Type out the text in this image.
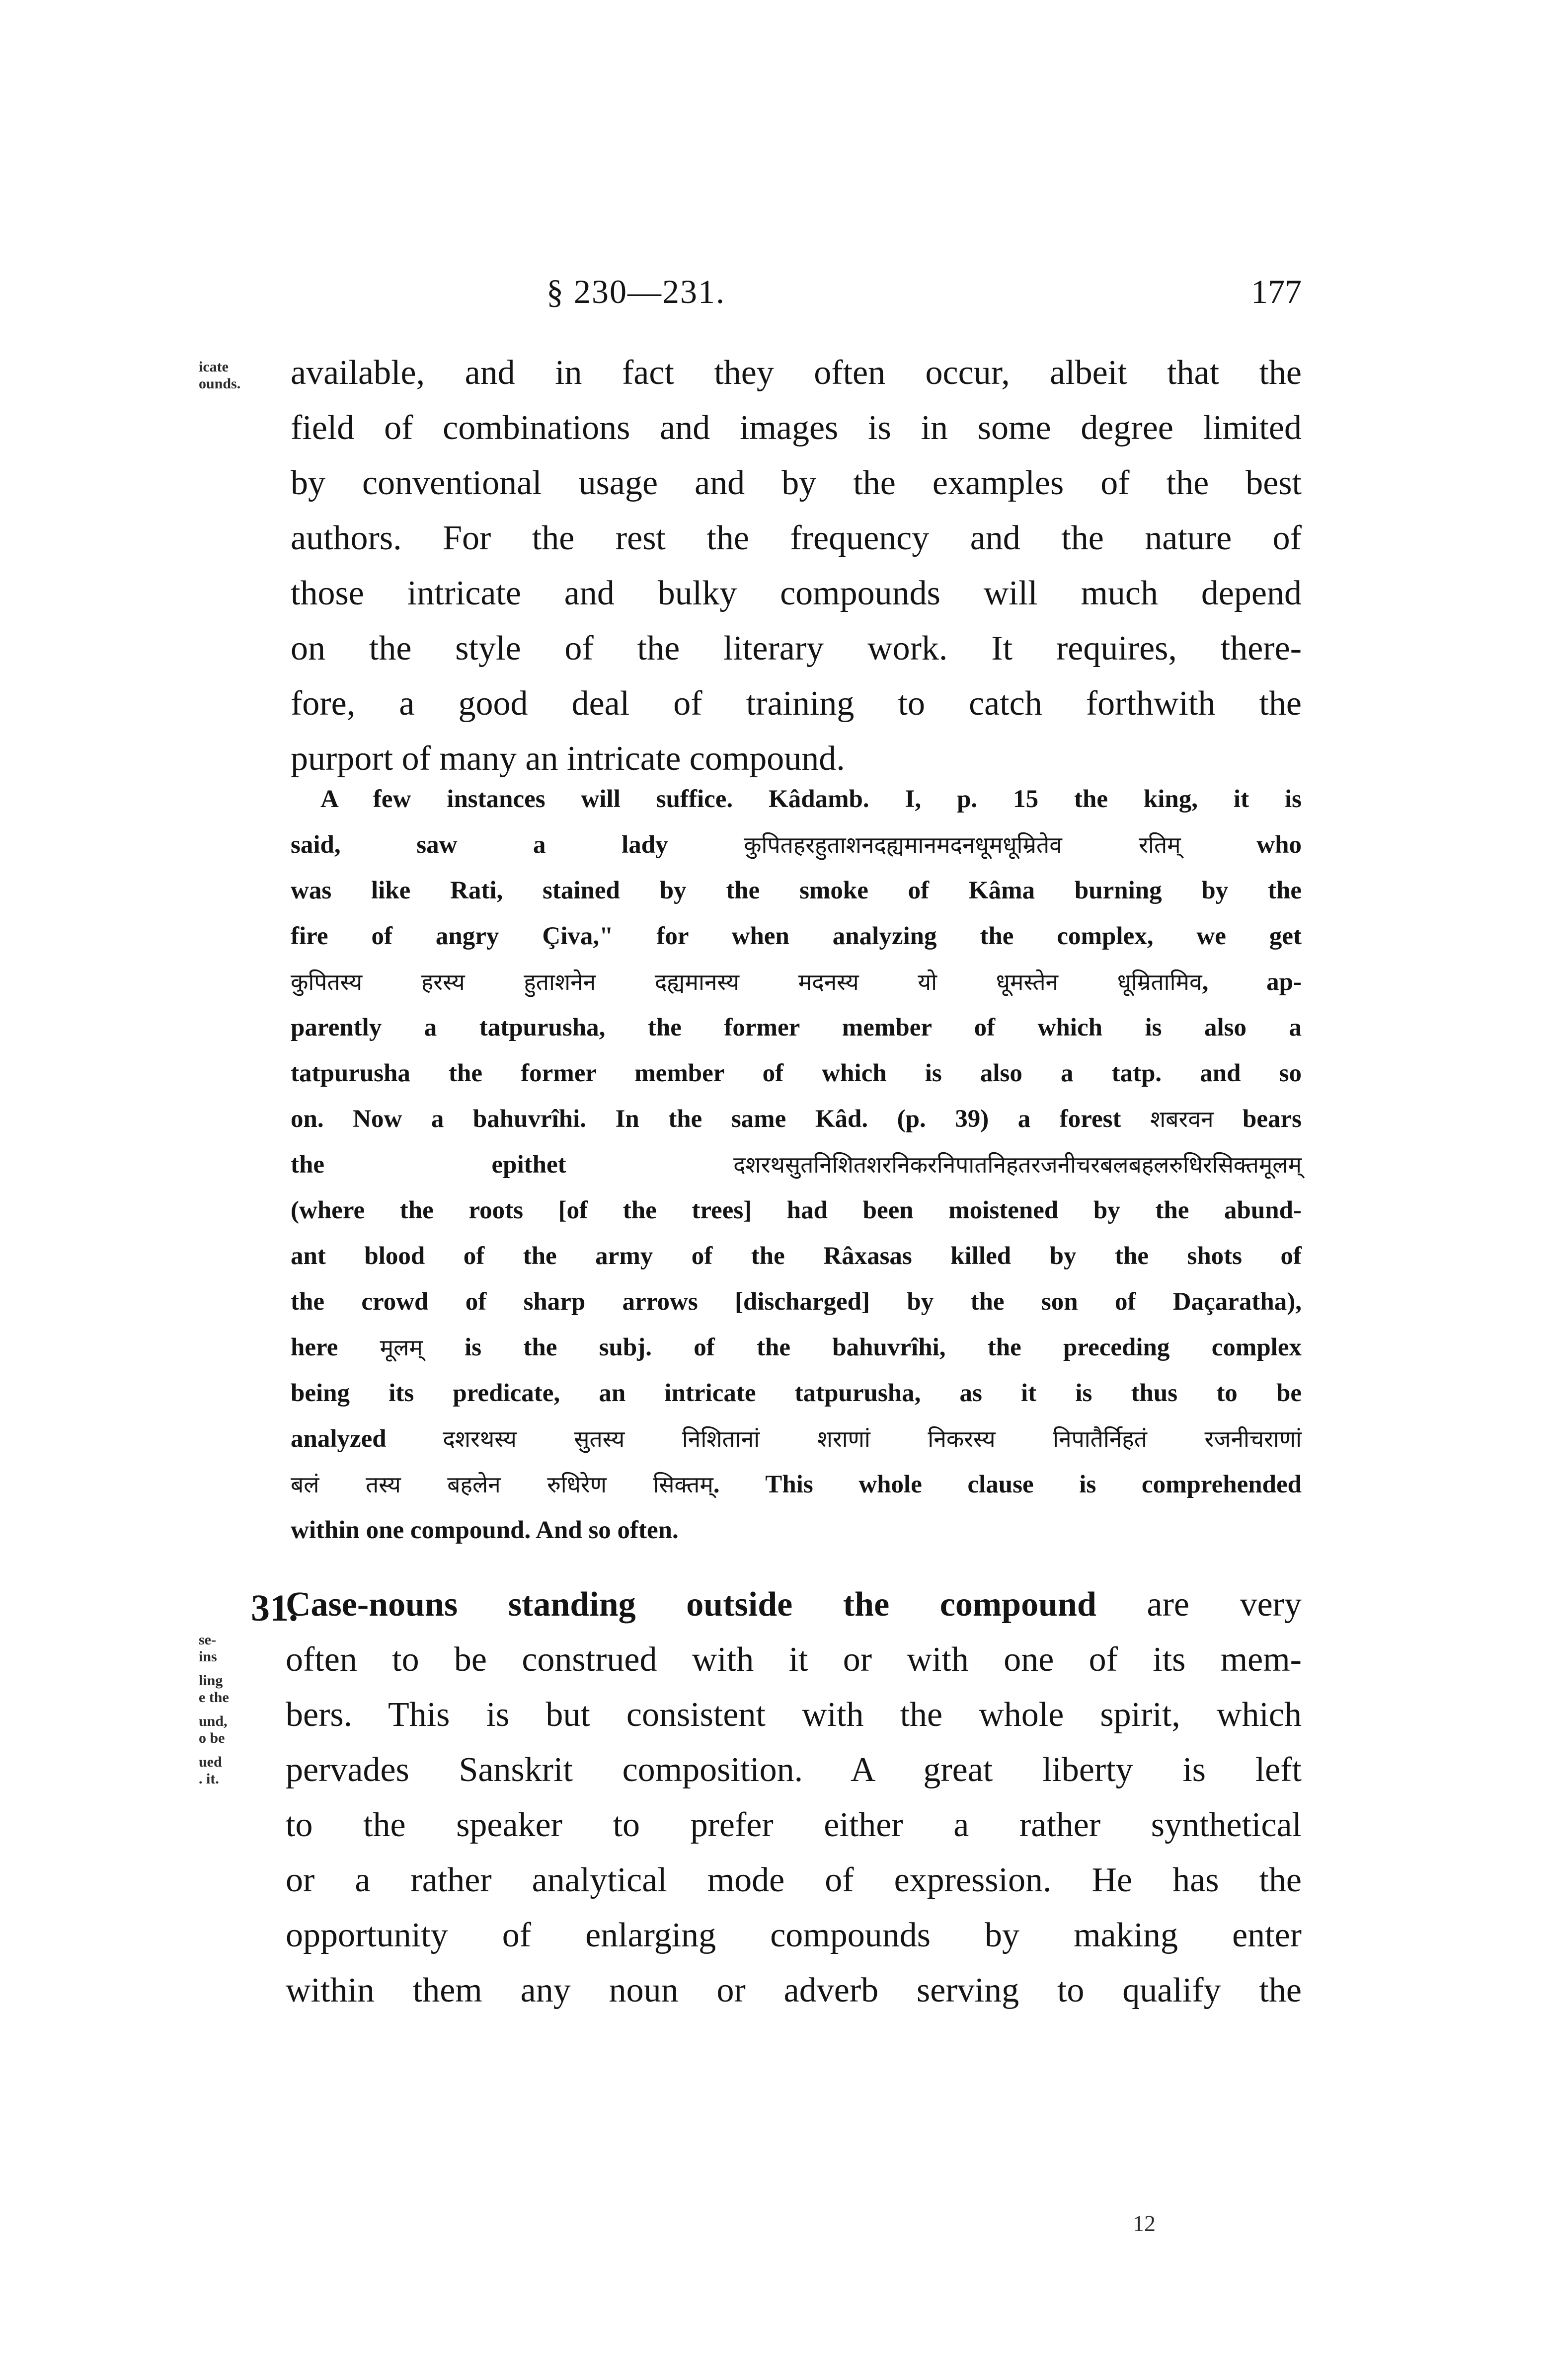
§ 230—231.	177
icate
ounds.	available, and in fact they often occur, albeit that the
field of combinations and images is in some degree limited
by conventional usage and by the examples of the best
authors. For the rest the frequency and the nature of
those intricate and bulky compounds will much depend
on the style of the literary work. It requires, there-
fore, a good deal of training to catch forthwith the
purport of many an intricate compound.
A few instances will suffice. Kâdamb. I, p. 15 the king, it is
said, saw a lady	कुपितहरहुताशनदह्यमानमदनधूमधूम्रितेव रतिम् who
was like Rati, stained by the smoke of Kâma burning by the
fire of angry Çiva," for when analyzing the complex, we get
कुपितस्य हरस्य हुताशनेन दह्यमानस्य मदनस्य यो धूमस्तेन धूम्रितामिव, ap-
parently a tatpurusha, the former member of which is also a
tatpurusha the former member of which is also a tatp. and so
on. Now a bahuvrîhi. In the same Kâd. (p. 39) a forest शबरवन bears
the epithet	दशरथसुतनिशितशरनिकरनिपातनिहतरजनीचरबलबहलरुधिरसिक्तमूलम्
(where the roots [of the trees] had been moistened by the abund-
ant blood of the army of the Râxasas killed by the shots of
the crowd of sharp arrows [discharged] by the son of Daçaratha),
here मूलम् is the subj. of the bahuvrîhi, the preceding complex
being its predicate, an intricate tatpurusha, as it is thus to be
analyzed दशरथस्य सुतस्य निशितानां शराणां निकरस्य निपातैर्निहतं रजनीचराणां
बलं तस्य बहलेन रुधिरेण सिक्तम्. This whole clause is comprehended
within one compound. And so often.
31.
se-
ins
ling
e the
und,
o be
ued
. it.
Case-nouns standing outside the compound are very
often to be construed with it or with one of its mem-
bers. This is but consistent with the whole spirit, which
pervades Sanskrit composition. A great liberty is left
to the speaker to prefer either a rather synthetical
or a rather analytical mode of expression. He has the
opportunity of enlarging compounds by making enter
within them any noun or adverb serving to qualify the
12
